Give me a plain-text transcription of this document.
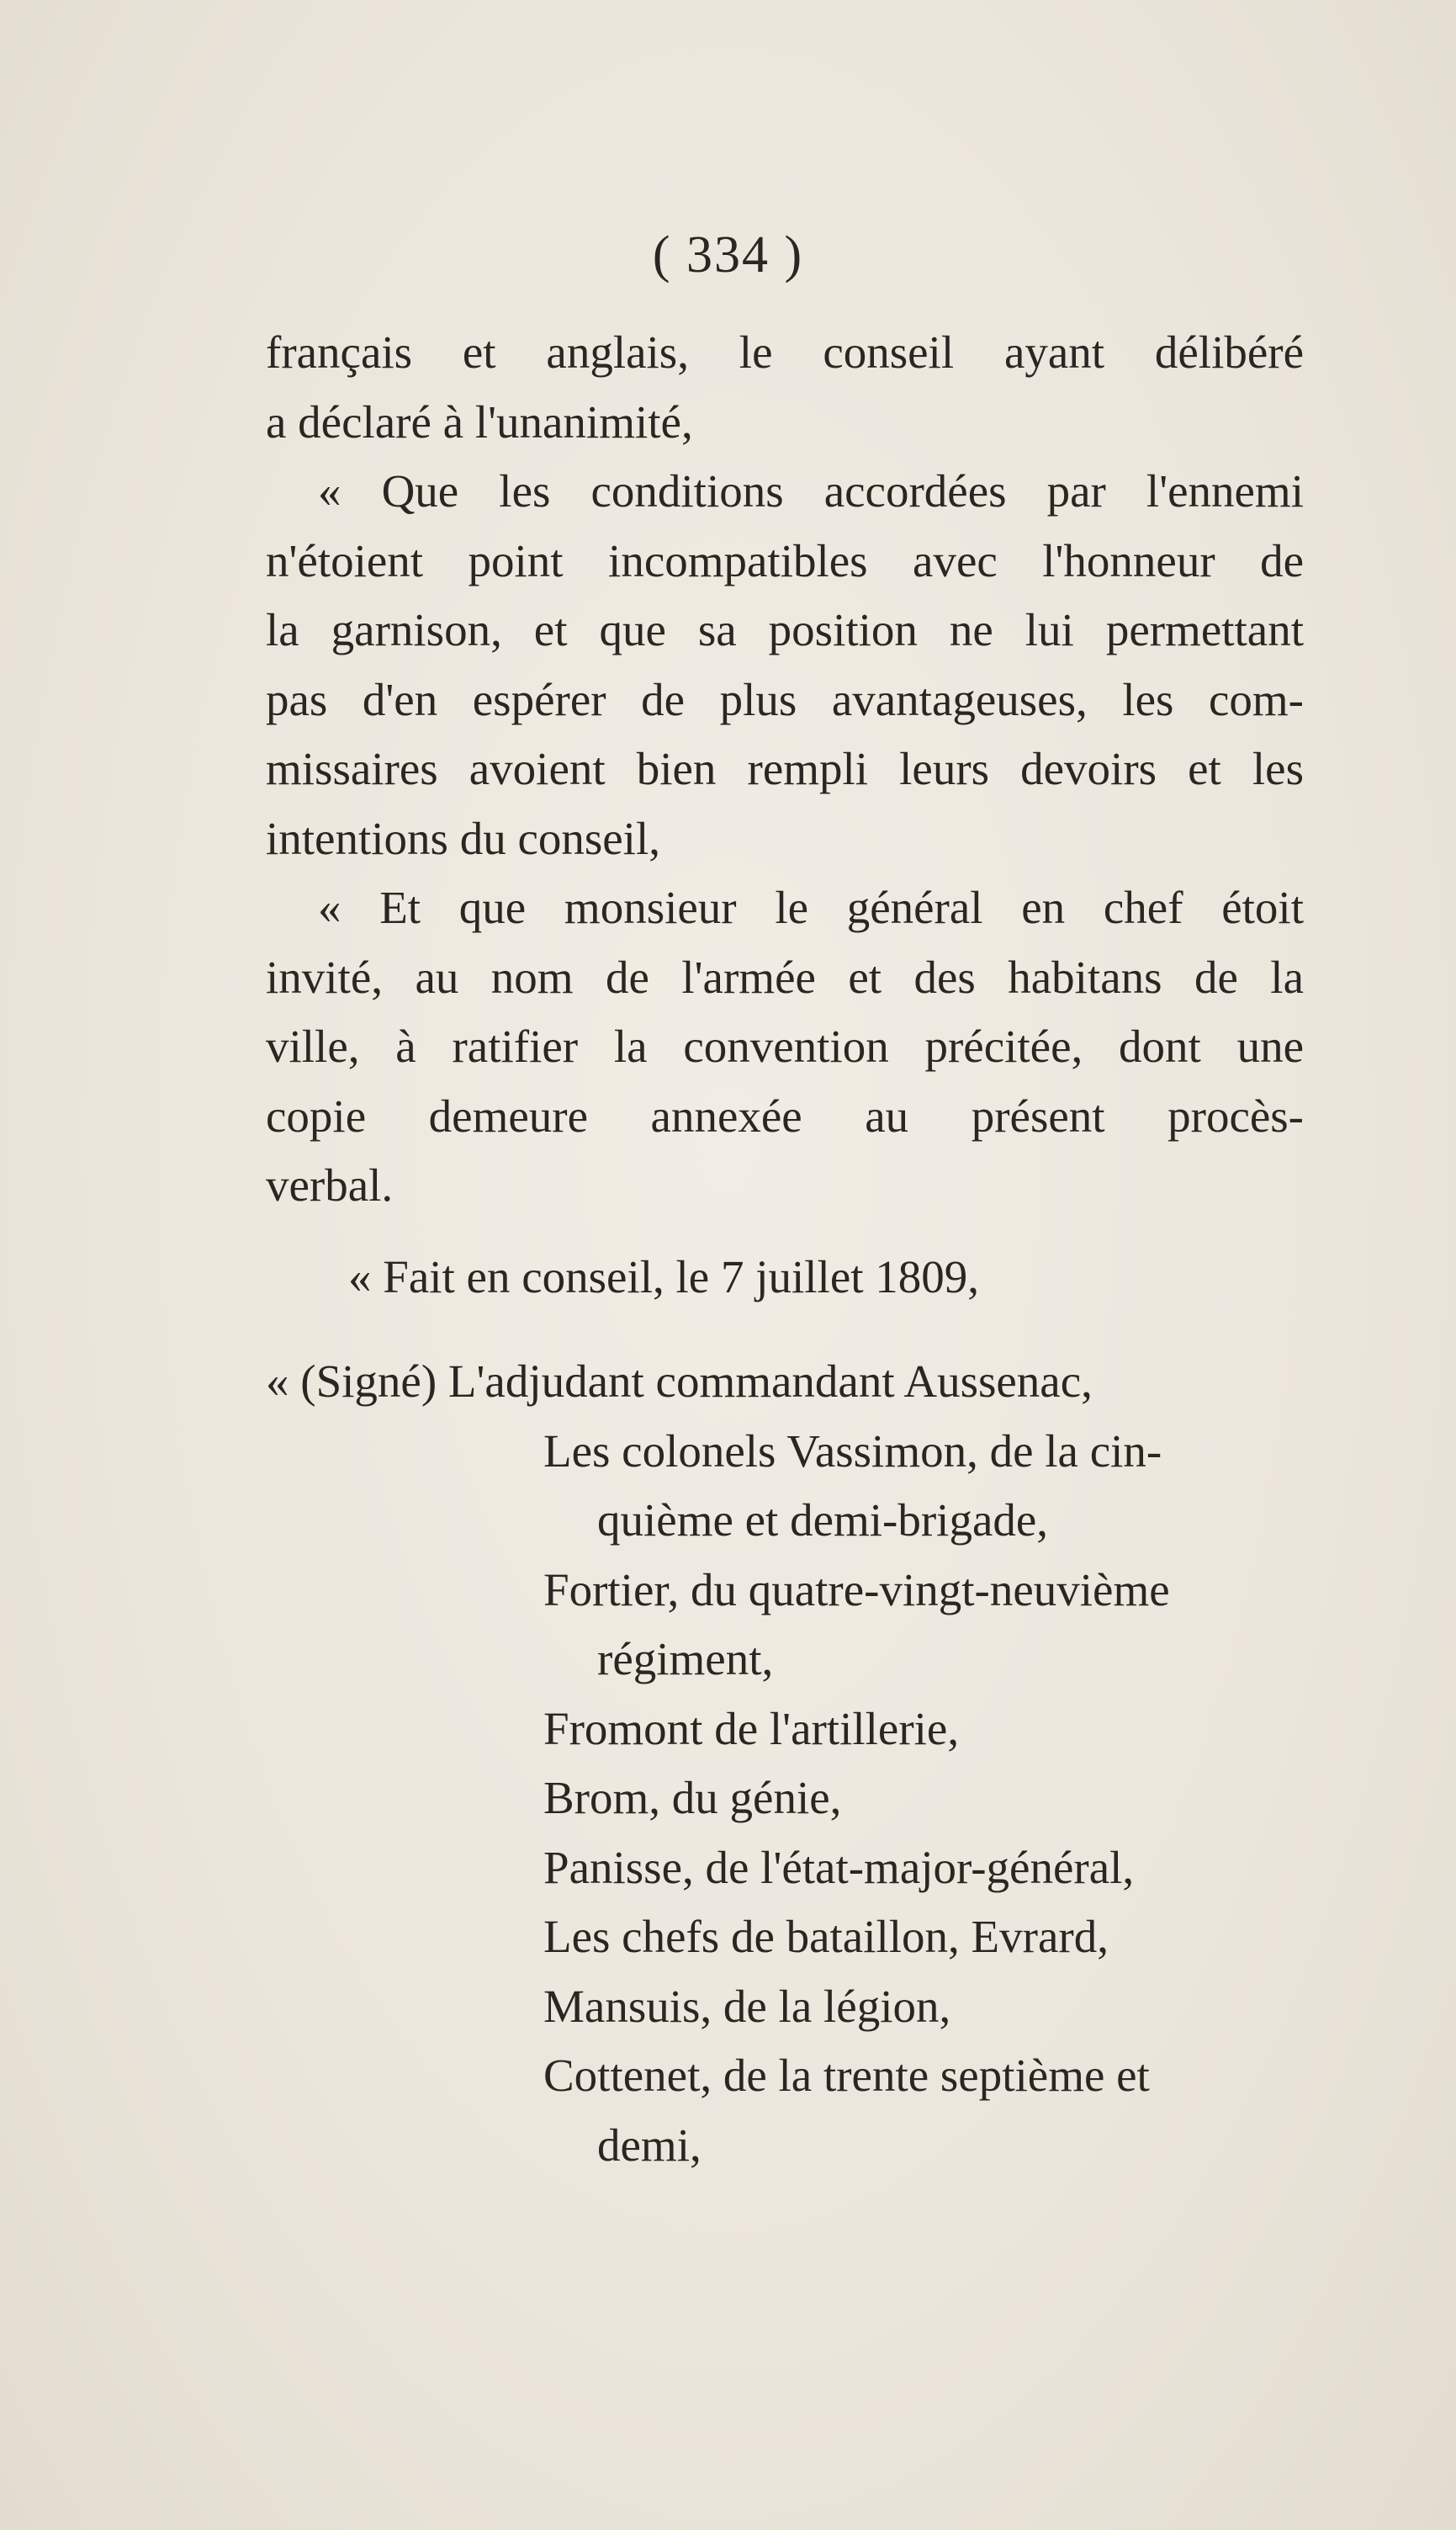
( 334 )
français et anglais, le conseil ayant délibéré
a déclaré à l'unanimité,
« Que les conditions accordées par l'ennemi
n'étoient point incompatibles avec l'honneur de
la garnison, et que sa position ne lui permettant
pas d'en espérer de plus avantageuses, les com-
missaires avoient bien rempli leurs devoirs et les
intentions du conseil,
« Et que monsieur le général en chef étoit
invité, au nom de l'armée et des habitans de la
ville, à ratifier la convention précitée, dont une
copie demeure annexée au présent procès-
verbal.
« Fait en conseil, le 7 juillet 1809,
« (Signé) L'adjudant commandant Aussenac,
Les colonels Vassimon, de la cin-
quième et demi-brigade,
Fortier, du quatre-vingt-neuvième
régiment,
Fromont de l'artillerie,
Brom, du génie,
Panisse, de l'état-major-général,
Les chefs de bataillon, Evrard,
Mansuis, de la légion,
Cottenet, de la trente septième et
demi,
